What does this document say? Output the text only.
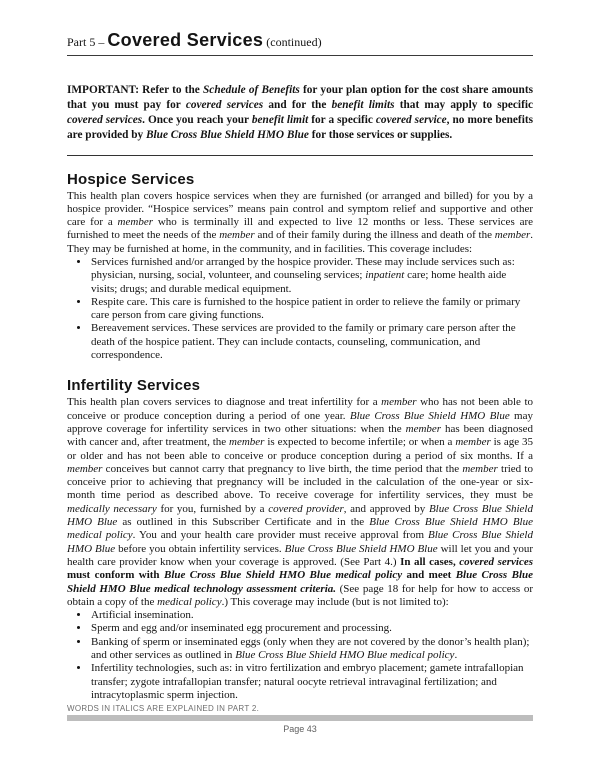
Part 5 – Covered Services (continued)
IMPORTANT: Refer to the Schedule of Benefits for your plan option for the cost share amounts that you must pay for covered services and for the benefit limits that may apply to specific covered services. Once you reach your benefit limit for a specific covered service, no more benefits are provided by Blue Cross Blue Shield HMO Blue for those services or supplies.
Hospice Services

This health plan covers hospice services when they are furnished (or arranged and billed) for you by a hospice provider. “Hospice services” means pain control and symptom relief and supportive and other care for a member who is terminally ill and expected to live 12 months or less. These services are furnished to meet the needs of the member and of their family during the illness and death of the member. They may be furnished at home, in the community, and in facilities. This coverage includes:

• Services furnished and/or arranged by the hospice provider. These may include services such as: physician, nursing, social, volunteer, and counseling services; inpatient care; home health aide visits; drugs; and durable medical equipment.
• Respite care. This care is furnished to the hospice patient in order to relieve the family or primary care person from care giving functions.
• Bereavement services. These services are provided to the family or primary care person after the death of the hospice patient. They can include contacts, counseling, communication, and correspondence.
Infertility Services

This health plan covers services to diagnose and treat infertility for a member who has not been able to conceive or produce conception during a period of one year. Blue Cross Blue Shield HMO Blue may approve coverage for infertility services in two other situations: when the member has been diagnosed with cancer and, after treatment, the member is expected to become infertile; or when a member is age 35 or older and has not been able to conceive or produce conception during a period of six months. If a member conceives but cannot carry that pregnancy to live birth, the time period that the member tried to conceive prior to achieving that pregnancy will be included in the calculation of the one-year or six-month time period as described above. To receive coverage for infertility services, they must be medically necessary for you, furnished by a covered provider, and approved by Blue Cross Blue Shield HMO Blue as outlined in this Subscriber Certificate and in the Blue Cross Blue Shield HMO Blue medical policy. You and your health care provider must receive approval from Blue Cross Blue Shield HMO Blue before you obtain infertility services. Blue Cross Blue Shield HMO Blue will let you and your health care provider know when your coverage is approved. (See Part 4.) In all cases, covered services must conform with Blue Cross Blue Shield HMO Blue medical policy and meet Blue Cross Blue Shield HMO Blue medical technology assessment criteria. (See page 18 for help for how to access or obtain a copy of the medical policy.) This coverage may include (but is not limited to):

• Artificial insemination.
• Sperm and egg and/or inseminated egg procurement and processing.
• Banking of sperm or inseminated eggs (only when they are not covered by the donor’s health plan); and other services as outlined in Blue Cross Blue Shield HMO Blue medical policy.
• Infertility technologies, such as: in vitro fertilization and embryo placement; gamete intrafallopian transfer; zygote intrafallopian transfer; natural oocyte retrieval intravaginal fertilization; and intracytoplasmic sperm injection.
WORDS IN ITALICS ARE EXPLAINED IN PART 2.
Page 43
